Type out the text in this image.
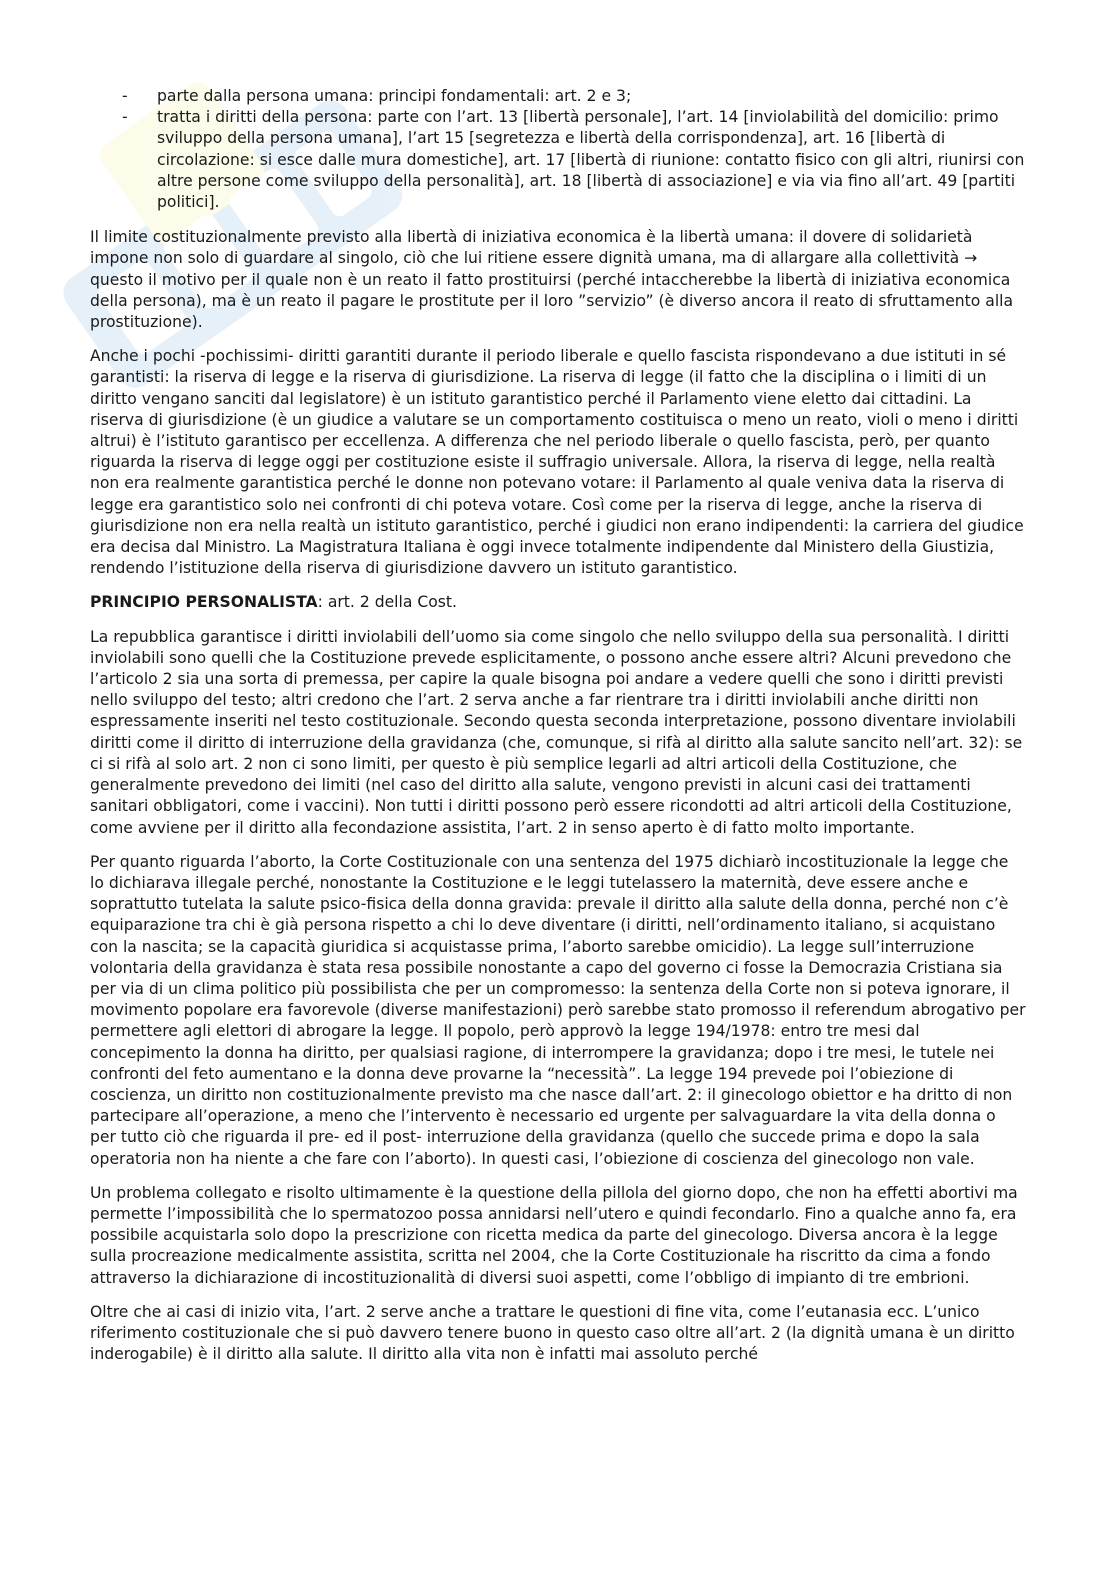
- parte dalla persona umana: principi fondamentali: art. 2 e 3;
- tratta i diritti della persona: parte con l’art. 13 [libertà personale], l’art. 14 [inviolabilità del domicilio: primo sviluppo della persona umana], l’art 15 [segretezza e libertà della corrispondenza], art. 16 [libertà di circolazione: si esce dalle mura domestiche], art. 17 [libertà di riunione: contatto fisico con gli altri, riunirsi con altre persone come sviluppo della personalità], art. 18 [libertà di associazione] e via via fino all’art. 49 [partiti politici].

Il limite costituzionalmente previsto alla libertà di iniziativa economica è la libertà umana: il dovere di solidarietà impone non solo di guardare al singolo, ciò che lui ritiene essere dignità umana, ma di allargare alla collettività → questo il motivo per il quale non è un reato il fatto prostituirsi (perché intaccherebbe la libertà di iniziativa economica della persona), ma è un reato il pagare le prostitute per il loro ”servizio” (è diverso ancora il reato di sfruttamento alla prostituzione).

Anche i pochi -pochissimi- diritti garantiti durante il periodo liberale e quello fascista rispondevano a due istituti in sé garantisti: la riserva di legge e la riserva di giurisdizione. La riserva di legge (il fatto che la disciplina o i limiti di un diritto vengano sanciti dal legislatore) è un istituto garantistico perché il Parlamento viene eletto dai cittadini. La riserva di giurisdizione (è un giudice a valutare se un comportamento costituisca o meno un reato, violi o meno i diritti altrui) è l’istituto garantisco per eccellenza. A differenza che nel periodo liberale o quello fascista, però, per quanto riguarda la riserva di legge oggi per costituzione esiste il suffragio universale. Allora, la riserva di legge, nella realtà non era realmente garantistica perché le donne non potevano votare: il Parlamento al quale veniva data la riserva di legge era garantistico solo nei confronti di chi poteva votare. Così come per la riserva di legge, anche la riserva di giurisdizione non era nella realtà un istituto garantistico, perché i giudici non erano indipendenti: la carriera del giudice era decisa dal Ministro. La Magistratura Italiana è oggi invece totalmente indipendente dal Ministero della Giustizia, rendendo l’istituzione della riserva di giurisdizione davvero un istituto garantistico.

PRINCIPIO PERSONALISTA: art. 2 della Cost.

La repubblica garantisce i diritti inviolabili dell’uomo sia come singolo che nello sviluppo della sua personalità. I diritti inviolabili sono quelli che la Costituzione prevede esplicitamente, o possono anche essere altri? Alcuni prevedono che l’articolo 2 sia una sorta di premessa, per capire la quale bisogna poi andare a vedere quelli che sono i diritti previsti nello sviluppo del testo; altri credono che l’art. 2 serva anche a far rientrare tra i diritti inviolabili anche diritti non espressamente inseriti nel testo costituzionale. Secondo questa seconda interpretazione, possono diventare inviolabili diritti come il diritto di interruzione della gravidanza (che, comunque, si rifà al diritto alla salute sancito nell’art. 32): se ci si rifà al solo art. 2 non ci sono limiti, per questo è più semplice legarli ad altri articoli della Costituzione, che generalmente prevedono dei limiti (nel caso del diritto alla salute, vengono previsti in alcuni casi dei trattamenti sanitari obbligatori, come i vaccini). Non tutti i diritti possono però essere ricondotti ad altri articoli della Costituzione, come avviene per il diritto alla fecondazione assistita, l’art. 2 in senso aperto è di fatto molto importante.

Per quanto riguarda l’aborto, la Corte Costituzionale con una sentenza del 1975 dichiarò incostituzionale la legge che lo dichiarava illegale perché, nonostante la Costituzione e le leggi tutelassero la maternità, deve essere anche e soprattutto tutelata la salute psico-fisica della donna gravida: prevale il diritto alla salute della donna, perché non c’è equiparazione tra chi è già persona rispetto a chi lo deve diventare (i diritti, nell’ordinamento italiano, si acquistano con la nascita; se la capacità giuridica si acquistasse prima, l’aborto sarebbe omicidio). La legge sull’interruzione volontaria della gravidanza è stata resa possibile nonostante a capo del governo ci fosse la Democrazia Cristiana sia per via di un clima politico più possibilista che per un compromesso: la sentenza della Corte non si poteva ignorare, il movimento popolare era favorevole (diverse manifestazioni) però sarebbe stato promosso il referendum abrogativo per permettere agli elettori di abrogare la legge. Il popolo, però approvò la legge 194/1978: entro tre mesi dal concepimento la donna ha diritto, per qualsiasi ragione, di interrompere la gravidanza; dopo i tre mesi, le tutele nei confronti del feto aumentano e la donna deve provarne la “necessità”. La legge 194 prevede poi l’obiezione di coscienza, un diritto non costituzionalmente previsto ma che nasce dall’art. 2: il ginecologo obiettor e ha dritto di non partecipare all’operazione, a meno che l’intervento è necessario ed urgente per salvaguardare la vita della donna o per tutto ciò che riguarda il pre- ed il post- interruzione della gravidanza (quello che succede prima e dopo la sala operatoria non ha niente a che fare con l’aborto). In questi casi, l’obiezione di coscienza del ginecologo non vale.

Un problema collegato e risolto ultimamente è la questione della pillola del giorno dopo, che non ha effetti abortivi ma permette l’impossibilità che lo spermatozoo possa annidarsi nell’utero e quindi fecondarlo. Fino a qualche anno fa, era possibile acquistarla solo dopo la prescrizione con ricetta medica da parte del ginecologo. Diversa ancora è la legge sulla procreazione medicalmente assistita, scritta nel 2004, che la Corte Costituzionale ha riscritto da cima a fondo attraverso la dichiarazione di incostituzionalità di diversi suoi aspetti, come l’obbligo di impianto di tre embrioni.

Oltre che ai casi di inizio vita, l’art. 2 serve anche a trattare le questioni di fine vita, come l’eutanasia ecc. L’unico riferimento costituzionale che si può davvero tenere buono in questo caso oltre all’art. 2 (la dignità umana è un diritto inderogabile) è il diritto alla salute. Il diritto alla vita non è infatti mai assoluto perché
